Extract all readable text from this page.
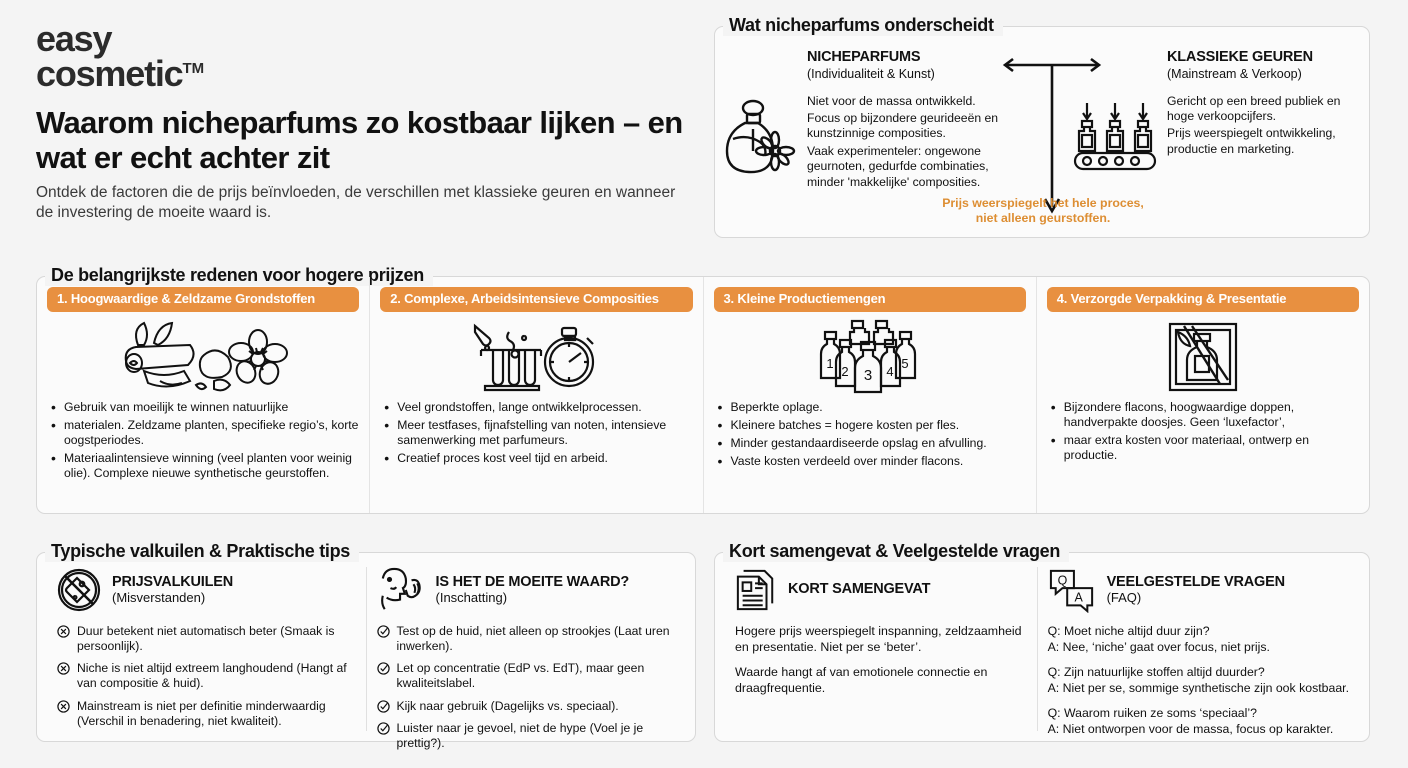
easy
cosmetic™
Waarom nicheparfums zo kostbaar lijken – en wat er echt achter zit
Ontdek de factoren die de prijs beïnvloeden, de verschillen met klassieke geuren en wanneer de investering de moeite waard is.
Wat nicheparfums onderscheidt
NICHEPARFUMS
(Individualiteit & Kunst)

Niet voor de massa ontwikkeld.

Focus op bijzondere geurideeën en kunstzinnige composities.

Vaak experimenteler: ongewone geurnoten, gedurfde combinaties, minder 'makkelijke' composities.

KLASSIEKE GEUREN
(Mainstream & Verkoop)

Gericht op een breed publiek en hoge verkoopcijfers.

Prijs weerspiegelt ontwikkeling, productie en marketing.

Prijs weerspiegelt het hele proces,
niet alleen geurstoffen.
De belangrijkste redenen voor hogere prijzen
1. Hoogwaardige & Zeldzame Grondstoffen
• Gebruik van moeilijk te winnen natuurlijke
• materialen. Zeldzame planten, specifieke regio’s, korte oogstperiodes.
• Materiaalintensieve winning (veel planten voor weinig olie). Complexe nieuwe synthetische geurstoffen.
2. Complexe, Arbeidsintensieve Composities
• Veel grondstoffen, lange ontwikkelprocessen.
• Meer testfases, fijnafstelling van noten, intensieve samenwerking met parfumeurs.
• Creatief proces kost veel tijd en arbeid.
3. Kleine Productiemengen
1	5
2	4
3
• Beperkte oplage.
• Kleinere batches = hogere kosten per fles.
• Minder gestandaardiseerde opslag en afvulling.
• Vaste kosten verdeeld over minder flacons.
4. Verzorgde Verpakking & Presentatie
• Bijzondere flacons, hoogwaardige doppen, handverpakte doosjes. Geen ‘luxefactor’,
• maar extra kosten voor materiaal, ontwerp en productie.
Typische valkuilen & Praktische tips
PRIJSVALKUILEN
(Misverstanden)
Duur betekent niet automatisch beter (Smaak is persoonlijk).
Niche is niet altijd extreem langhoudend (Hangt af van compositie & huid).
Mainstream is niet per definitie minderwaardig (Verschil in benadering, niet kwaliteit).
IS HET DE MOEITE WAARD?
(Inschatting)
Test op de huid, niet alleen op strookjes (Laat uren inwerken).
Let op concentratie (EdP vs. EdT), maar geen kwaliteitslabel.
Kijk naar gebruik (Dagelijks vs. speciaal).
Luister naar je gevoel, niet de hype (Voel je je prettig?).
Kort samengevat & Veelgestelde vragen
KORT SAMENGEVAT
Hogere prijs weerspiegelt inspanning, zeldzaamheid en presentatie. Niet per se ‘beter’.
Waarde hangt af van emotionele connectie en draagfrequentie.
Q
A
VEELGESTELDE VRAGEN
(FAQ)
Q: Moet niche altijd duur zijn?
A: Nee, ‘niche’ gaat over focus, niet prijs.
Q: Zijn natuurlijke stoffen altijd duurder?
A: Niet per se, sommige synthetische zijn ook kostbaar.
Q: Waarom ruiken ze soms ‘speciaal’?
A: Niet ontworpen voor de massa, focus op karakter.
